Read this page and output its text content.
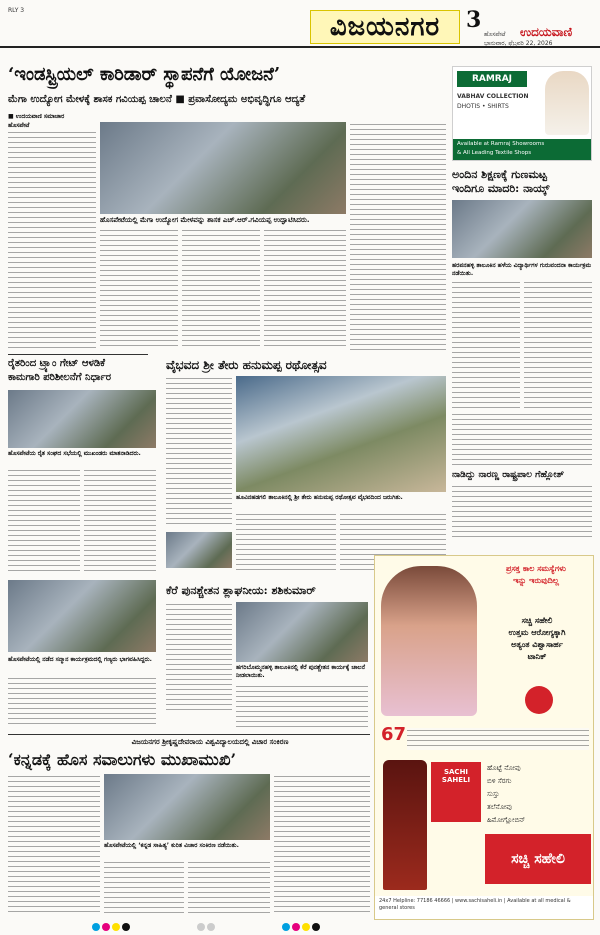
RLY 3
ವಿಜಯನಗರ	3
ಹೊಸಪೇಟೆ ಉದಯವಾಣಿ
ಭಾನುವಾರ, ಫೆಬ್ರವರಿ 22, 2026
‘ಇಂಡಸ್ಟ್ರಿಯಲ್ ಕಾರಿಡಾರ್ ಸ್ಥಾಪನೆಗೆ ಯೋಜನೆ’
ಮೆಗಾ ಉದ್ಯೋಗ ಮೇಳಕ್ಕೆ ಶಾಸಕ ಗವಿಯಪ್ಪ ಚಾಲನೆ ■ ಪ್ರವಾಸೋದ್ಯಮ ಅಭಿವೃದ್ಧಿಗೂ ಆದ್ಯತೆ
■ ಉದಯವಾಣಿ ಸಮಾಚಾರ
ಹೊಸಪೇಟೆ
ಹೊಸಪೇಟೆಯಲ್ಲಿ ಮೆಗಾ ಉದ್ಯೋಗ ಮೇಳವನ್ನು ಶಾಸಕ ಎಚ್.ಆರ್.ಗವಿಯಪ್ಪ ಉದ್ಘಾಟಿಸಿದರು.
RAMRAJ
VABHAV COLLECTION
DHOTIS • SHIRTS
Available at Ramraj Showrooms
& All Leading Textile Shops
ಅಂದಿನ ಶಿಕ್ಷಣಕ್ಕೆ ಗುಣಮಟ್ಟ
ಇಂದಿಗೂ ಮಾದರಿ: ನಾಯ್ಕ್
ಹರಪನಹಳ್ಳಿ ತಾಲೂಕಿನ ಹಳೆಯ ವಿದ್ಯಾರ್ಥಿಗಳ ಗುರುವಂದನಾ ಕಾರ್ಯಕ್ರಮ ನಡೆಯಿತು.
ರೈತರಿಂದ ಟ್ರ್ಯಾಂ ಗೇಟ್ ಆಳಡಿಕೆ
ಕಾಮಗಾರಿ ಪರಿಶೀಲನೆಗೆ ನಿರ್ಧಾರ
ಹೊಸಪೇಟೆಯ ರೈತ ಸಂಘದ ಸಭೆಯಲ್ಲಿ ಮುಖಂಡರು ಮಾತನಾಡಿದರು.
ವೈಭವದ ಶ್ರೀ ತೇರು ಹನುಮಪ್ಪ ರಥೋತ್ಸವ
ಹೂವಿನಹಡಗಲಿ ತಾಲೂಕಿನಲ್ಲಿ ಶ್ರೀ ತೇರು ಹನುಮಪ್ಪ ರಥೋತ್ಸವ ವೈಭವದಿಂದ ಜರುಗಿತು.
ನಾಡಿದ್ದು ನಾರಣ್ಣ ರಾಷ್ಟ್ರಪಾಲ ಗೆಹ್ಲೋತ್
ಕೆರೆ ಪುನಶ್ಚೇತನ ಶ್ಲಾಘನೀಯ: ಶಶಿಕುಮಾರ್
ಹಗರಿಬೊಮ್ಮನಹಳ್ಳಿ ತಾಲೂಕಿನಲ್ಲಿ ಕೆರೆ ಪುನಶ್ಚೇತನ ಕಾರ್ಯಕ್ಕೆ ಚಾಲನೆ ನೀಡಲಾಯಿತು.
ಹೊಸಪೇಟೆಯಲ್ಲಿ ನಡೆದ ಸನ್ಮಾನ ಕಾರ್ಯಕ್ರಮದಲ್ಲಿ ಗಣ್ಯರು ಭಾಗವಹಿಸಿದ್ದರು.
ಪ್ರಸಕ್ತ ಕಾಲ ಸಮಸ್ಯೆಗಳು
ಇನ್ನು ಇರುವುದಿಲ್ಲ
ಸಚ್ಚಿ ಸಹೇಲಿ
ಉತ್ತಮ ಆರೋಗ್ಯಕ್ಕಾಗಿ
ಅತ್ಯಂತ ವಿಶ್ವಾಸಾರ್ಹ
ಟಾನಿಕ್
67
SACHI SAHELI
ಹೊಟ್ಟೆ ನೋವು
ಬಿಳಿ ಸೆರಗು
ಸುಸ್ತು
ತಲೆನೋವು
ಹಿಮೋಗ್ಲೋಬಿನ್
ಸಚ್ಚಿ ಸಹೇಲಿ
24x7 Helpline: 77186 46666 | www.sachisaheli.in | Available at all medical & general stores
ವಿಜಯನಗರ ಶ್ರೀಕೃಷ್ಣದೇವರಾಯ ವಿಶ್ವವಿದ್ಯಾಲಯದಲ್ಲಿ ವಿಚಾರ ಸಂಕಿರಣ
‘ಕನ್ನಡಕ್ಕೆ ಹೊಸ ಸವಾಲುಗಳು ಮುಖಾಮುಖಿ’
ಹೊಸಪೇಟೆಯಲ್ಲಿ ‘ಕನ್ನಡ ಸಾಹಿತ್ಯ’ ಕುರಿತ ವಿಚಾರ ಸಂಕಿರಣ ನಡೆಯಿತು.
